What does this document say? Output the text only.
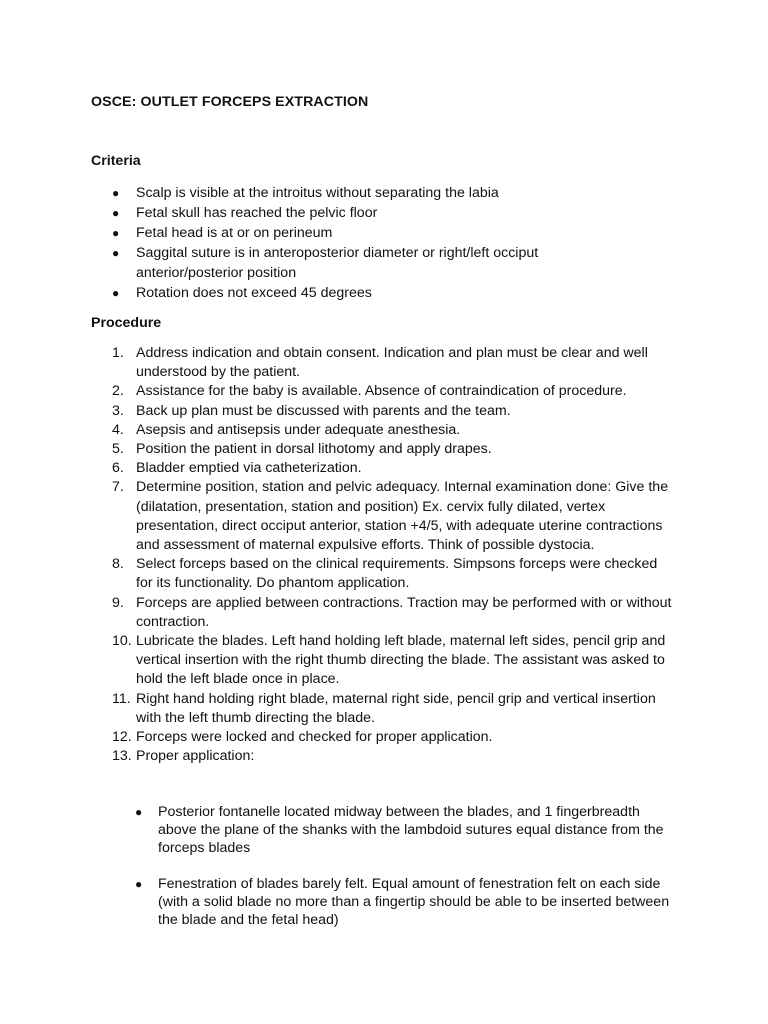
OSCE: OUTLET FORCEPS EXTRACTION
Criteria
● Scalp is visible at the introitus without separating the labia
● Fetal skull has reached the pelvic floor
● Fetal head is at or on perineum
● Saggital suture is in anteroposterior diameter or right/left occiput anterior/posterior position
● Rotation does not exceed 45 degrees
Procedure
1. Address indication and obtain consent. Indication and plan must be clear and well understood by the patient.
2. Assistance for the baby is available. Absence of contraindication of procedure.
3. Back up plan must be discussed with parents and the team.
4. Asepsis and antisepsis under adequate anesthesia.
5. Position the patient in dorsal lithotomy and apply drapes.
6. Bladder emptied via catheterization.
7. Determine position, station and pelvic adequacy. Internal examination done: Give the (dilatation, presentation, station and position) Ex. cervix fully dilated, vertex presentation, direct occiput anterior, station +4/5, with adequate uterine contractions and assessment of maternal expulsive efforts. Think of possible dystocia.
8. Select forceps based on the clinical requirements. Simpsons forceps were checked for its functionality. Do phantom application.
9. Forceps are applied between contractions. Traction may be performed with or without contraction.
10. Lubricate the blades. Left hand holding left blade, maternal left sides, pencil grip and vertical insertion with the right thumb directing the blade. The assistant was asked to hold the left blade once in place.
11. Right hand holding right blade, maternal right side, pencil grip and vertical insertion with the left thumb directing the blade.
12. Forceps were locked and checked for proper application.
13. Proper application:
● Posterior fontanelle located midway between the blades, and 1 fingerbreadth above the plane of the shanks with the lambdoid sutures equal distance from the forceps blades
● Fenestration of blades barely felt. Equal amount of fenestration felt on each side (with a solid blade no more than a fingertip should be able to be inserted between the blade and the fetal head)
